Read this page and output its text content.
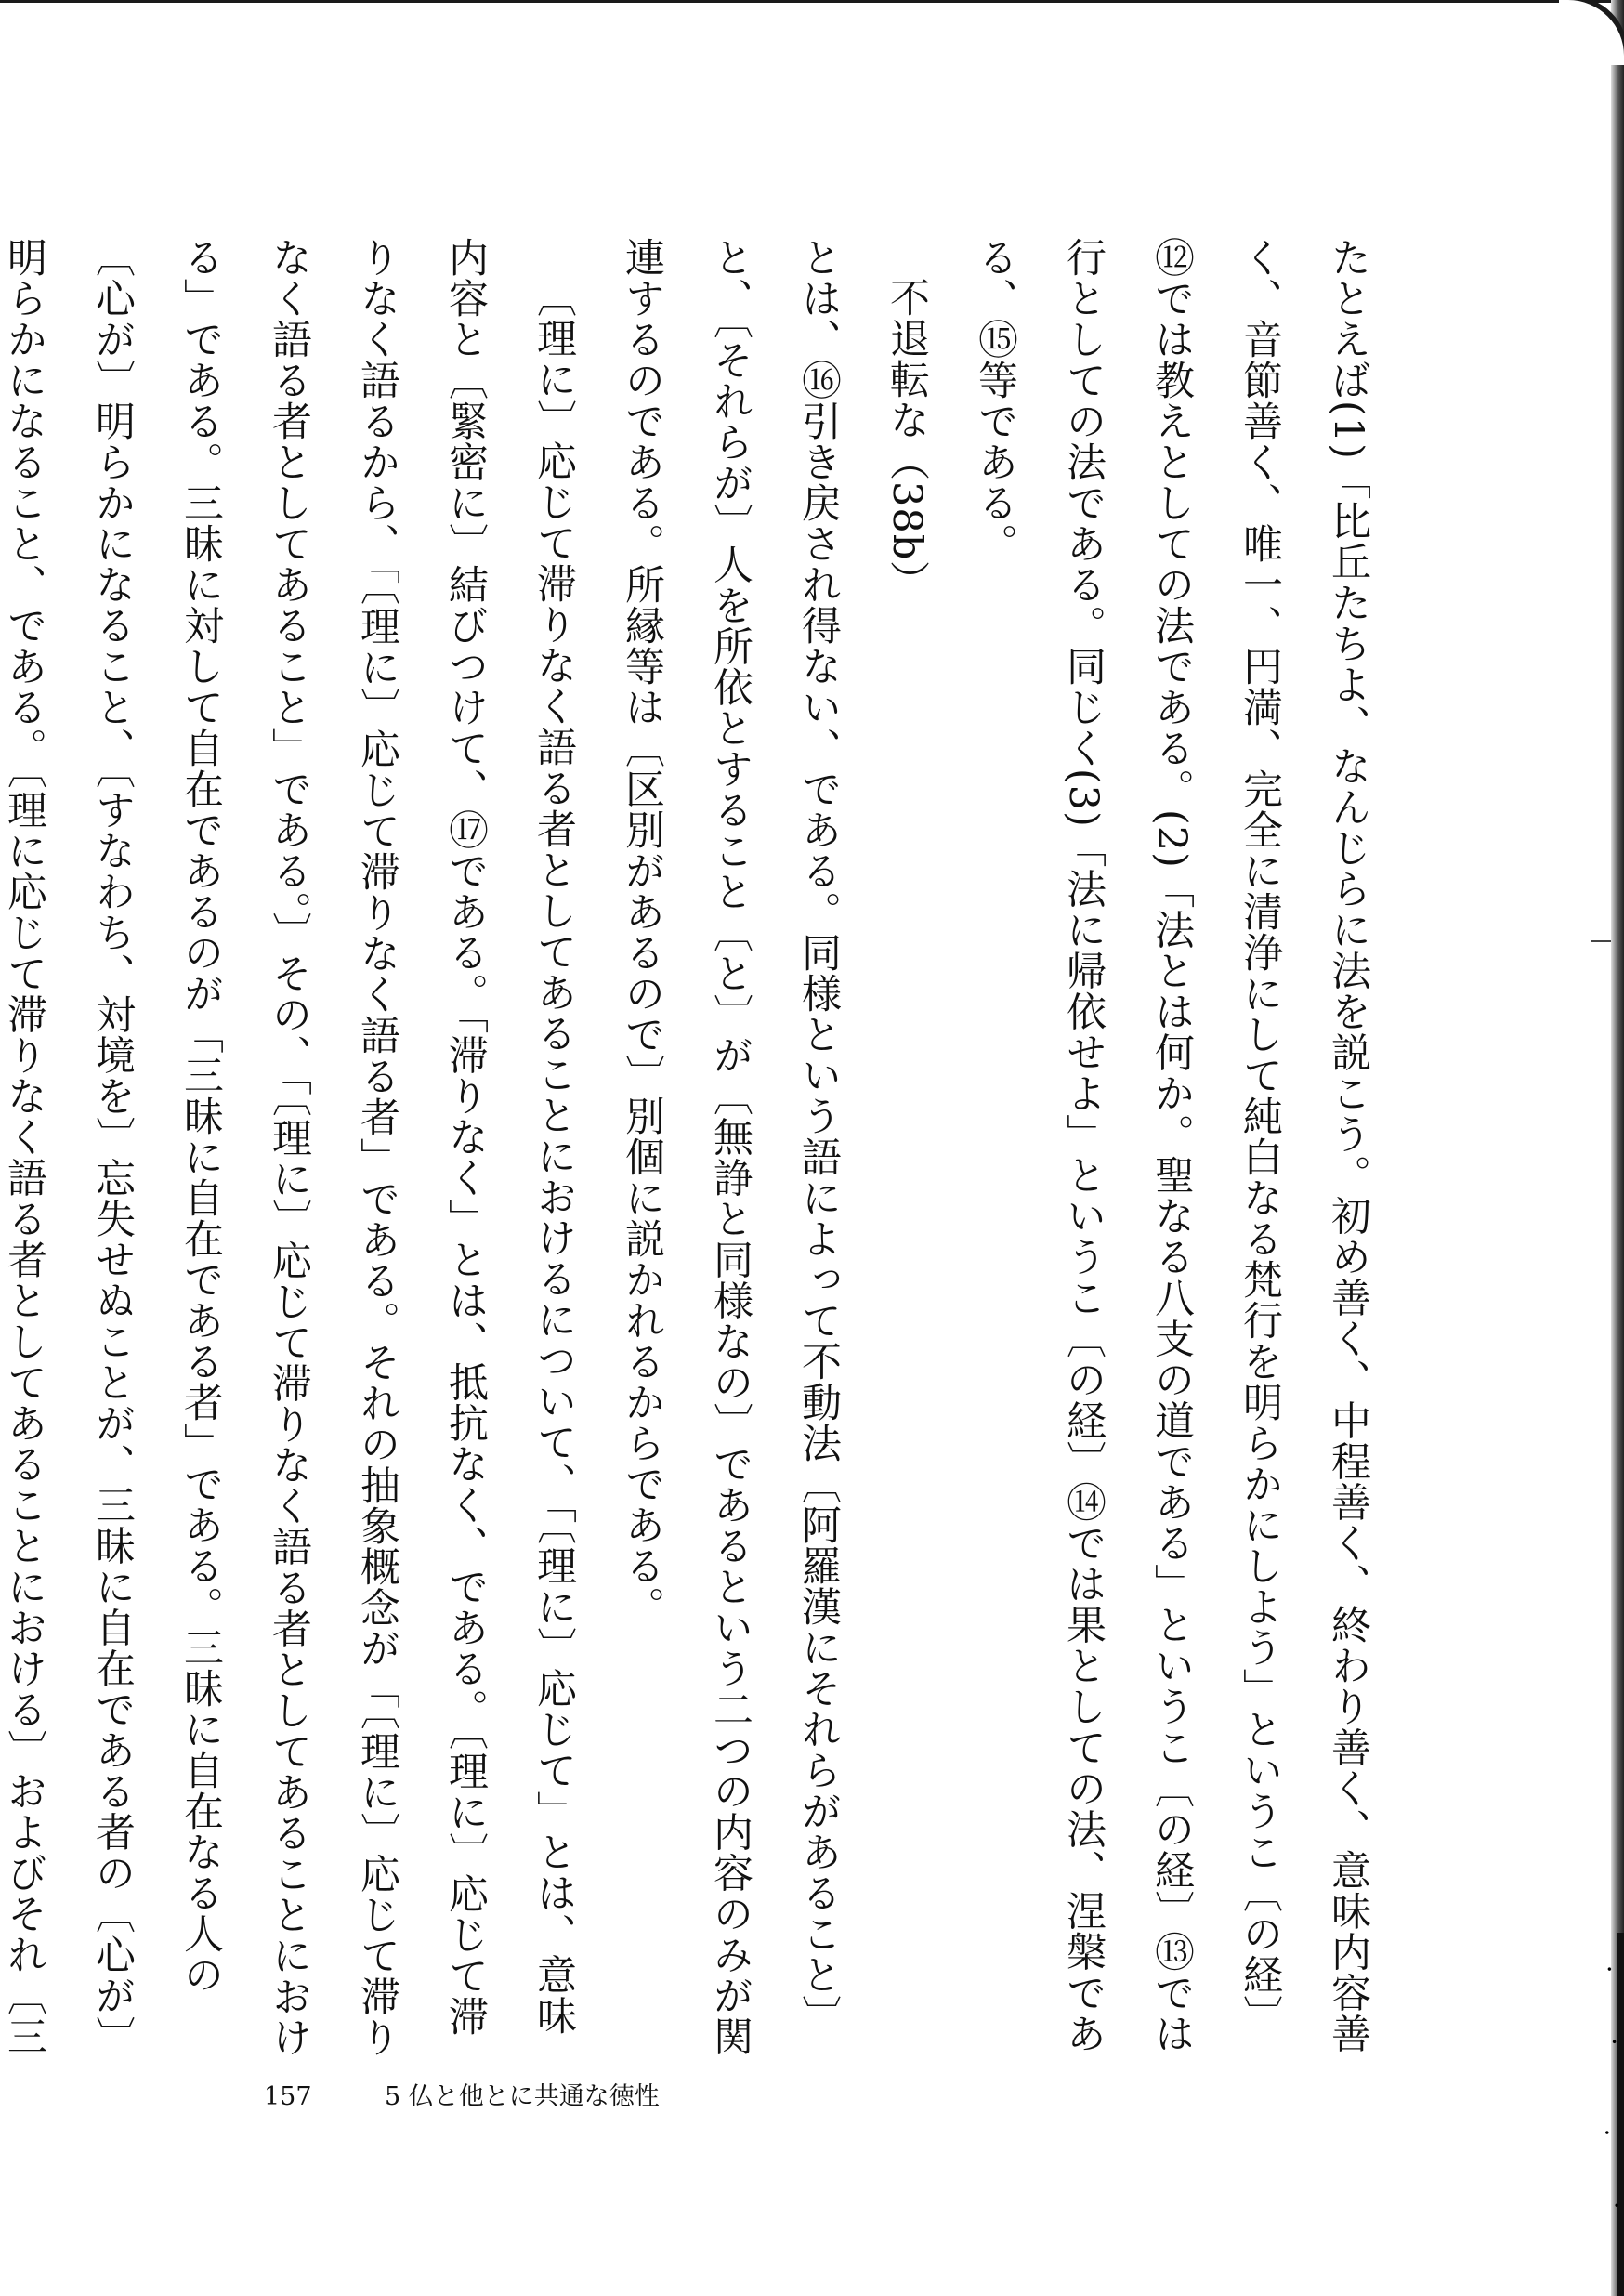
たとえば(1)「比丘たちよ、なんじらに法を説こう。初め善く、中程善く、終わり善く、意味内容善く、音節善く、唯一、円満、完全に清浄にして純白なる梵行を明らかにしよう」というこ〔の経〕⑫では教えとしての法である。(2)「法とは何か。聖なる八支の道である」というこ〔の経〕⑬では行としての法である。同じく(3)「法に帰依せよ」というこ〔の経〕⑭では果としての法、涅槃である、⑮等である。

不退転な（38b）

とは、⑯引き戻され得ない、である。同様という語によって不動法〔阿羅漢にそれらがあること〕と、〔それらが〕人を所依とすること〔と〕が〔無諍と同様なの〕であるという二つの内容のみが関連するのである。所縁等は〔区別があるので〕別個に説かれるからである。

〔理に〕応じて滞りなく語る者としてあることにおけるについて、「〔理に〕応じて」とは、意味内容と〔緊密に〕結びつけて、⑰である。「滞りなく」とは、抵抗なく、である。〔理に〕応じて滞りなく語るから、「〔理に〕応じて滞りなく語る者」である。それの抽象概念が「〔理に〕応じて滞りなく語る者としてあること」である。〕その、「〔理に〕応じて滞りなく語る者としてあることにおける」である。三昧に対して自在であるのが「三昧に自在である者」である。三昧に自在なる人の〔心が〕明らかになること、〔すなわち、対境を〕忘失せぬことが、三昧に自在である者の〔心が〕明らかになること、である。〔理に応じて滞りなく語る者としてあることにおける〕およびそれ〔三

157	5 仏と他とに共通な徳性
